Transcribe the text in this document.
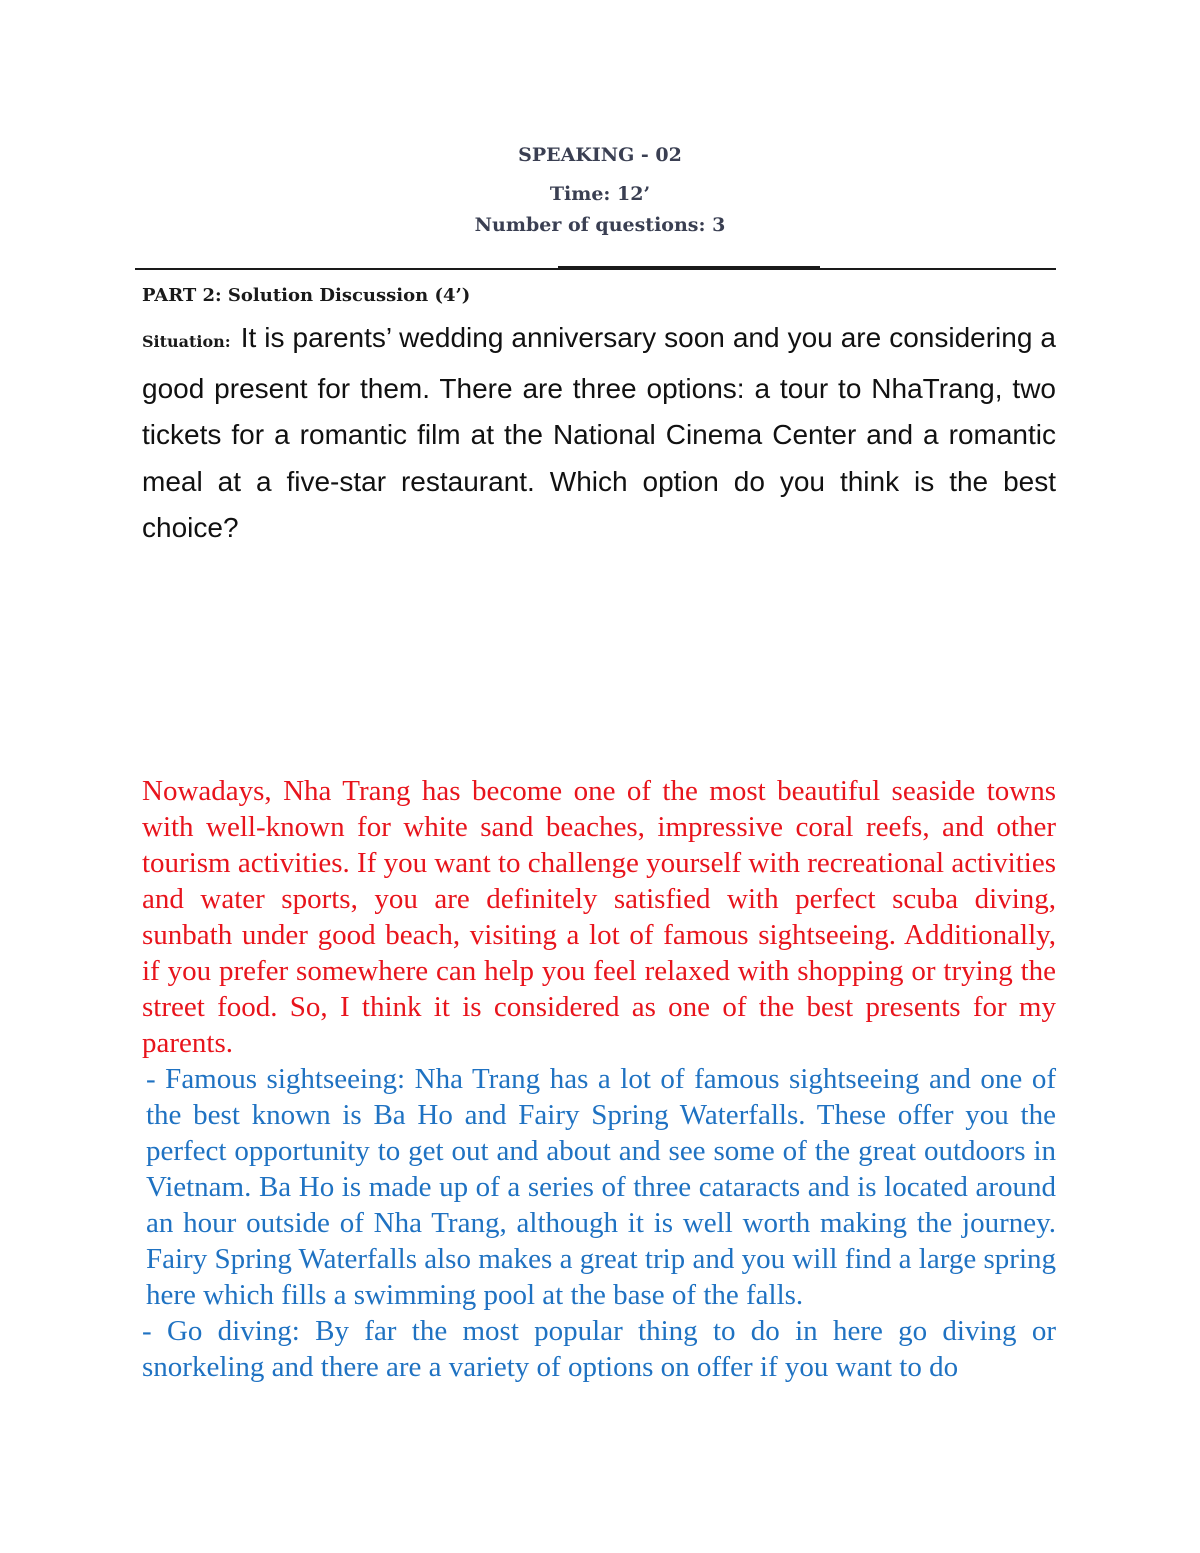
SPEAKING - 02
Time: 12’
Number of questions: 3
PART 2: Solution Discussion (4’)
Situation: It is parents’ wedding anniversary soon and you are considering a good present for them. There are three options: a tour to NhaTrang, two tickets for a romantic film at the National Cinema Center and a romantic meal at a five-star restaurant. Which option do you think is the best choice?

Nowadays, Nha Trang has become one of the most beautiful seaside towns with well-known for white sand beaches, impressive coral reefs, and other tourism activities. If you want to challenge yourself with recreational activities and water sports, you are definitely satisfied with perfect scuba diving, sunbath under good beach, visiting a lot of famous sightseeing. Additionally, if you prefer somewhere can help you feel relaxed with shopping or trying the street food. So, I think it is considered as one of the best presents for my parents.

- Famous sightseeing: Nha Trang has a lot of famous sightseeing and one of the best known is Ba Ho and Fairy Spring Waterfalls. These offer you the perfect opportunity to get out and about and see some of the great outdoors in Vietnam. Ba Ho is made up of a series of three cataracts and is located around an hour outside of Nha Trang, although it is well worth making the journey. Fairy Spring Waterfalls also makes a great trip and you will find a large spring here which fills a swimming pool at the base of the falls.

- Go diving: By far the most popular thing to do in here go diving or snorkeling and there are a variety of options on offer if you want to do
